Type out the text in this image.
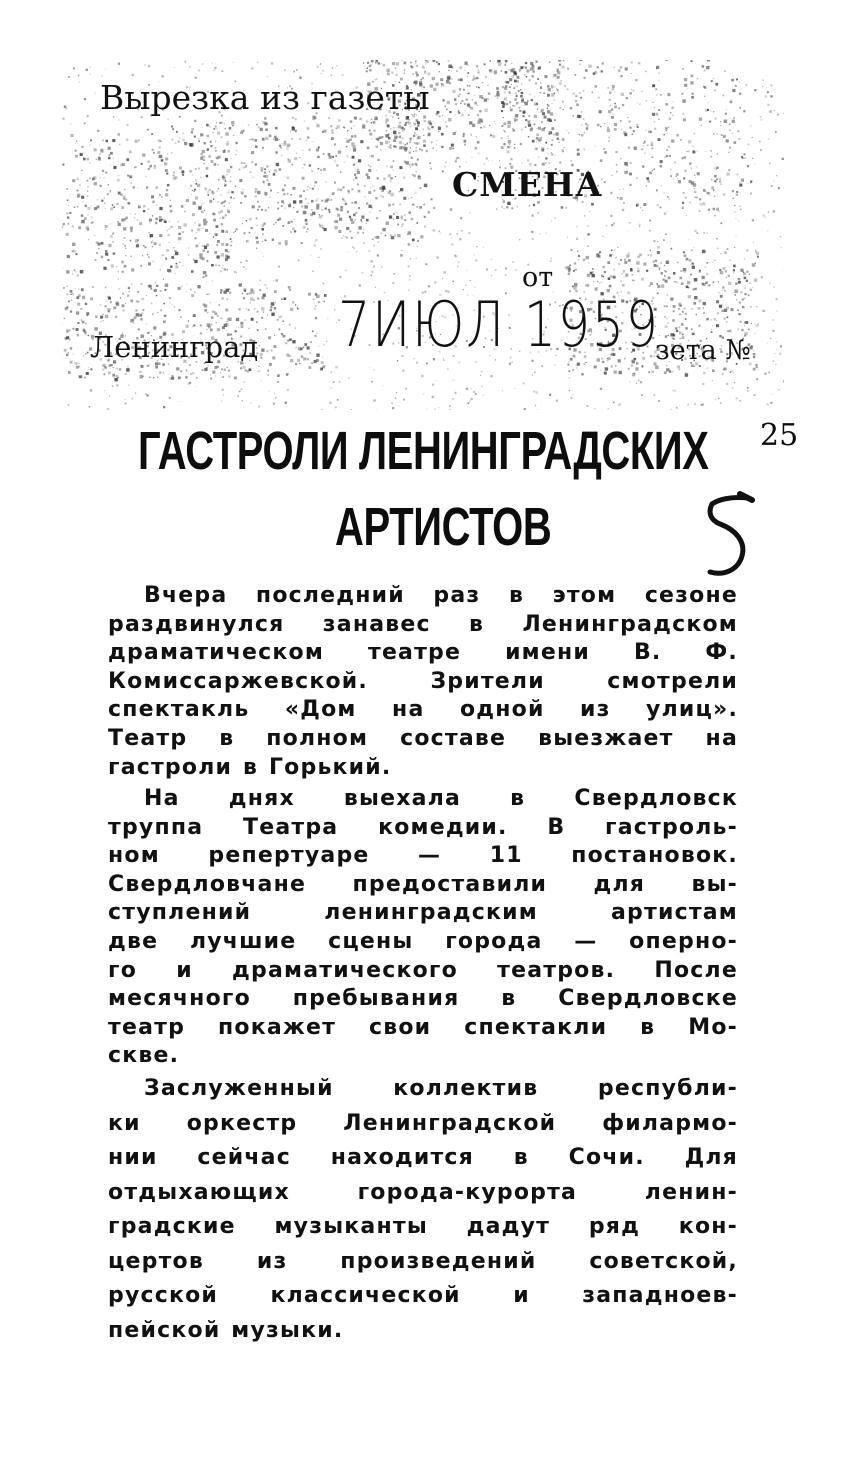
Вырезка из газеты
СМЕНА
от
Ленинград 7ИЮЛ 1959
зета №
25
ГАСТРОЛИ ЛЕНИНГРАДСКИХ
АРТИСТОВ
Вчера последний раз в этом сезоне
раздвинулся занавес в Ленинградском
драматическом театре имени В. Ф.
Комиссаржевской. Зрители смотрели
спектакль «Дом на одной из улиц».
Театр в полном составе выезжает на
гастроли в Горький.
На днях выехала в Свердловск
труппа Театра комедии. В гастроль-
ном репертуаре — 11 постановок.
Свердловчане предоставили для вы-
ступлений ленинградским артистам
две лучшие сцены города — оперно-
го и драматического театров. После
месячного пребывания в Свердловске
театр покажет свои спектакли в Мо-
скве.
Заслуженный коллектив республи-
ки оркестр Ленинградской филармо-
нии сейчас находится в Сочи. Для
отдыхающих города-курорта ленин-
градские музыканты дадут ряд кон-
цертов из произведений советской,
русской классической и западноев-
пейской музыки.
